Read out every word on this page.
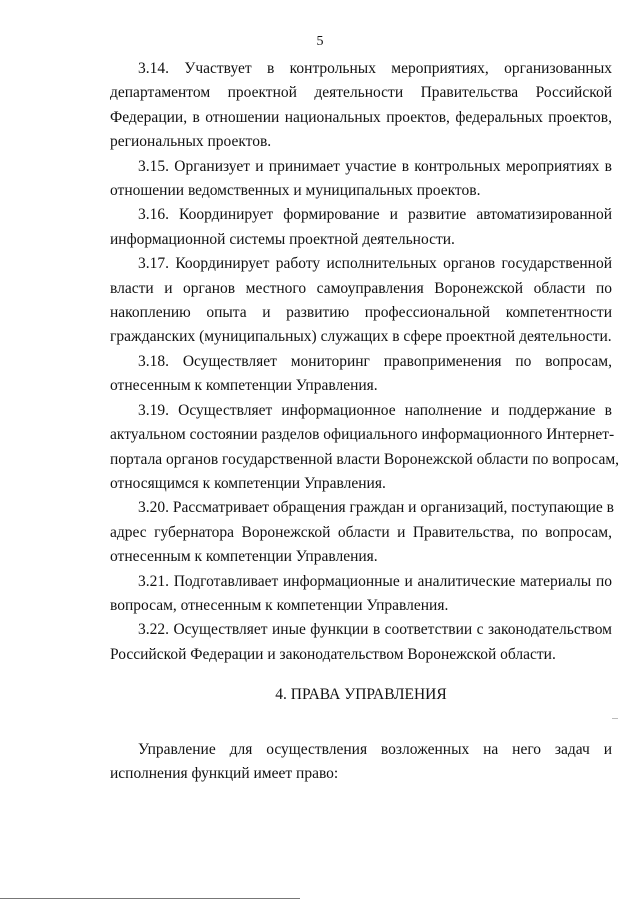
5

3.14. Участвует в контрольных мероприятиях, организованных
департаментом проектной деятельности Правительства Российской
Федерации, в отношении национальных проектов, федеральных проектов,
региональных проектов.

3.15. Организует и принимает участие в контрольных мероприятиях в
отношении ведомственных и муниципальных проектов.

3.16. Координирует формирование и развитие автоматизированной
информационной системы проектной деятельности.

3.17. Координирует работу исполнительных органов государственной
власти и органов местного самоуправления Воронежской области по
накоплению опыта и развитию профессиональной компетентности
гражданских (муниципальных) служащих в сфере проектной деятельности.

3.18. Осуществляет мониторинг правоприменения по вопросам,
отнесенным к компетенции Управления.

3.19. Осуществляет информационное наполнение и поддержание в
актуальном состоянии разделов официального информационного Интернет-
портала органов государственной власти Воронежской области по вопросам,
относящимся к компетенции Управления.

3.20. Рассматривает обращения граждан и организаций, поступающие в
адрес губернатора Воронежской области и Правительства, по вопросам,
отнесенным к компетенции Управления.

3.21. Подготавливает информационные и аналитические материалы по
вопросам, отнесенным к компетенции Управления.

3.22. Осуществляет иные функции в соответствии с законодательством
Российской Федерации и законодательством Воронежской области.

4. ПРАВА УПРАВЛЕНИЯ
Управление для осуществления возложенных на него задач и
исполнения функций имеет право:
